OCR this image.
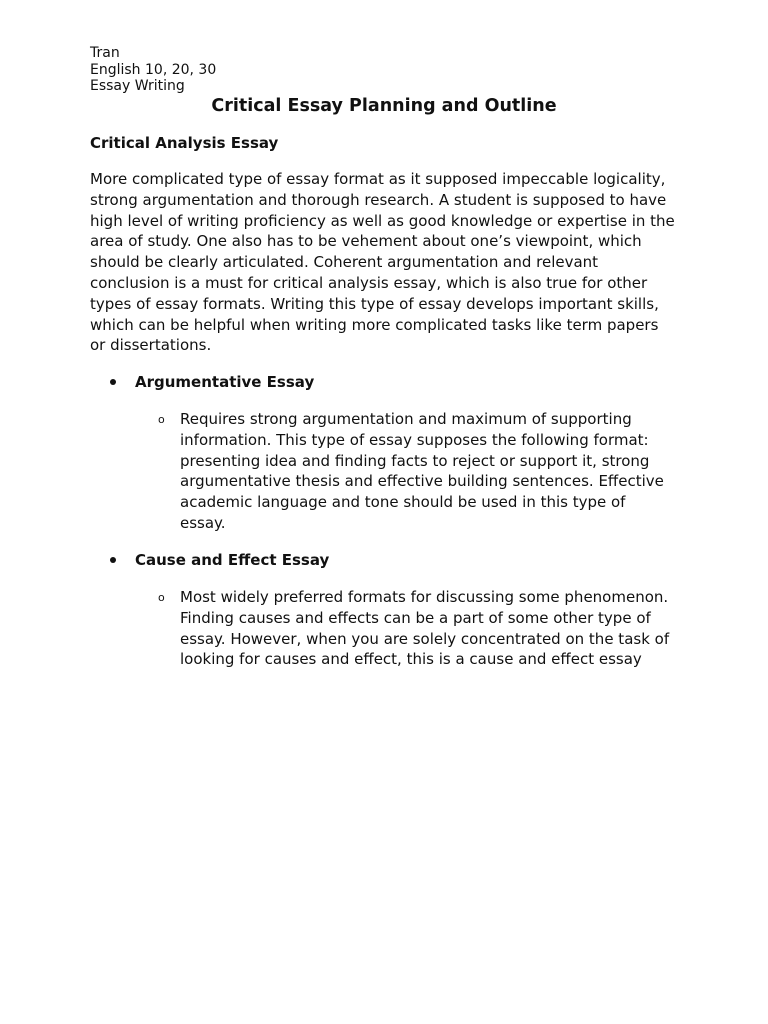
Tran
English 10, 20, 30
Essay Writing
Critical Essay Planning and Outline
Critical Analysis Essay

More complicated type of essay format as it supposed impeccable logicality,
strong argumentation and thorough research. A student is supposed to have
high level of writing proficiency as well as good knowledge or expertise in the
area of study. One also has to be vehement about one’s viewpoint, which
should be clearly articulated. Coherent argumentation and relevant
conclusion is a must for critical analysis essay, which is also true for other
types of essay formats. Writing this type of essay develops important skills,
which can be helpful when writing more complicated tasks like term papers
or dissertations.

Argumentative Essay
o Requires strong argumentation and maximum of supporting
information. This type of essay supposes the following format:
presenting idea and finding facts to reject or support it, strong
argumentative thesis and effective building sentences. Effective
academic language and tone should be used in this type of
essay.
Cause and Effect Essay
o Most widely preferred formats for discussing some phenomenon.
Finding causes and effects can be a part of some other type of
essay. However, when you are solely concentrated on the task of
looking for causes and effect, this is a cause and effect essay
